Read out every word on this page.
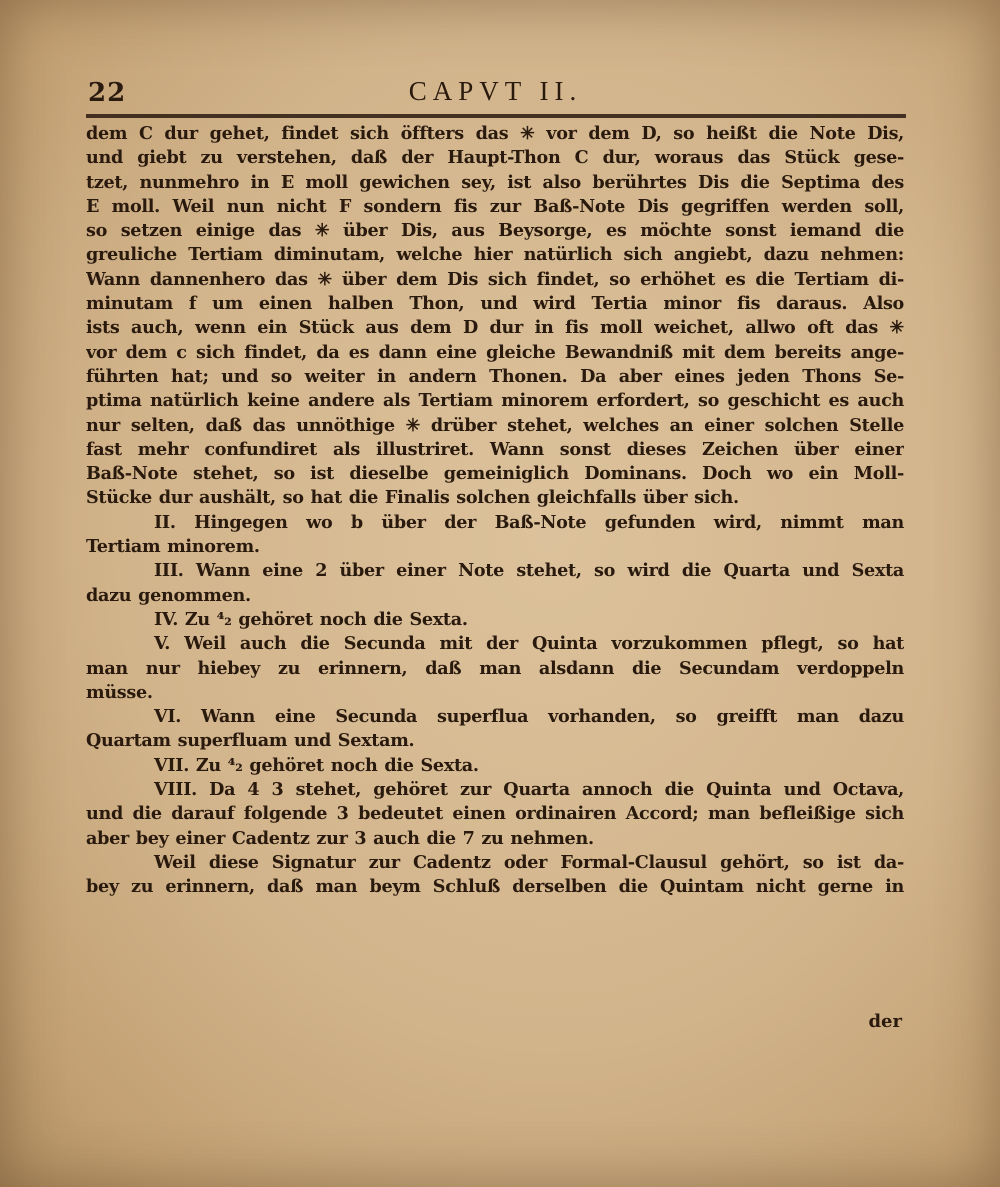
22	CAPVT II.
dem C dur gehet, findet sich öffters das ✳ vor dem D, so heißt die Note Dis,
und giebt zu verstehen, daß der Haupt-Thon C dur, woraus das Stück gese-
tzet, nunmehro in E moll gewichen sey, ist also berührtes Dis die Septima des
E moll. Weil nun nicht F sondern fis zur Baß-Note Dis gegriffen werden soll,
so setzen einige das ✳ über Dis, aus Beysorge, es möchte sonst iemand die
greuliche Tertiam diminutam, welche hier natürlich sich angiebt, dazu nehmen:
Wann dannenhero das ✳ über dem Dis sich findet, so erhöhet es die Tertiam di-
minutam f um einen halben Thon, und wird Tertia minor fis daraus. Also
ists auch, wenn ein Stück aus dem D dur in fis moll weichet, allwo oft das ✳
vor dem c sich findet, da es dann eine gleiche Bewandniß mit dem bereits ange-
führten hat; und so weiter in andern Thonen. Da aber eines jeden Thons Se-
ptima natürlich keine andere als Tertiam minorem erfordert, so geschicht es auch
nur selten, daß das unnöthige ✳ drüber stehet, welches an einer solchen Stelle
fast mehr confundiret als illustriret. Wann sonst dieses Zeichen über einer
Baß-Note stehet, so ist dieselbe gemeiniglich Dominans. Doch wo ein Moll-
Stücke dur aushält, so hat die Finalis solchen gleichfalls über sich.
II. Hingegen wo b über der Baß-Note gefunden wird, nimmt man
Tertiam minorem.
III. Wann eine 2 über einer Note stehet, so wird die Quarta und Sexta
dazu genommen.
IV. Zu ⁴₂ gehöret noch die Sexta.
V. Weil auch die Secunda mit der Quinta vorzukommen pflegt, so hat
man nur hiebey zu erinnern, daß man alsdann die Secundam verdoppeln
müsse.
VI. Wann eine Secunda superflua vorhanden, so greifft man dazu
Quartam superfluam und Sextam.
VII. Zu ⁴₂ gehöret noch die Sexta.
VIII. Da 4 3 stehet, gehöret zur Quarta annoch die Quinta und Octava,
und die darauf folgende 3 bedeutet einen ordinairen Accord; man befleißige sich
aber bey einer Cadentz zur 3 auch die 7 zu nehmen.
Weil diese Signatur zur Cadentz oder Formal-Clausul gehört, so ist da-
bey zu erinnern, daß man beym Schluß derselben die Quintam nicht gerne in
der
